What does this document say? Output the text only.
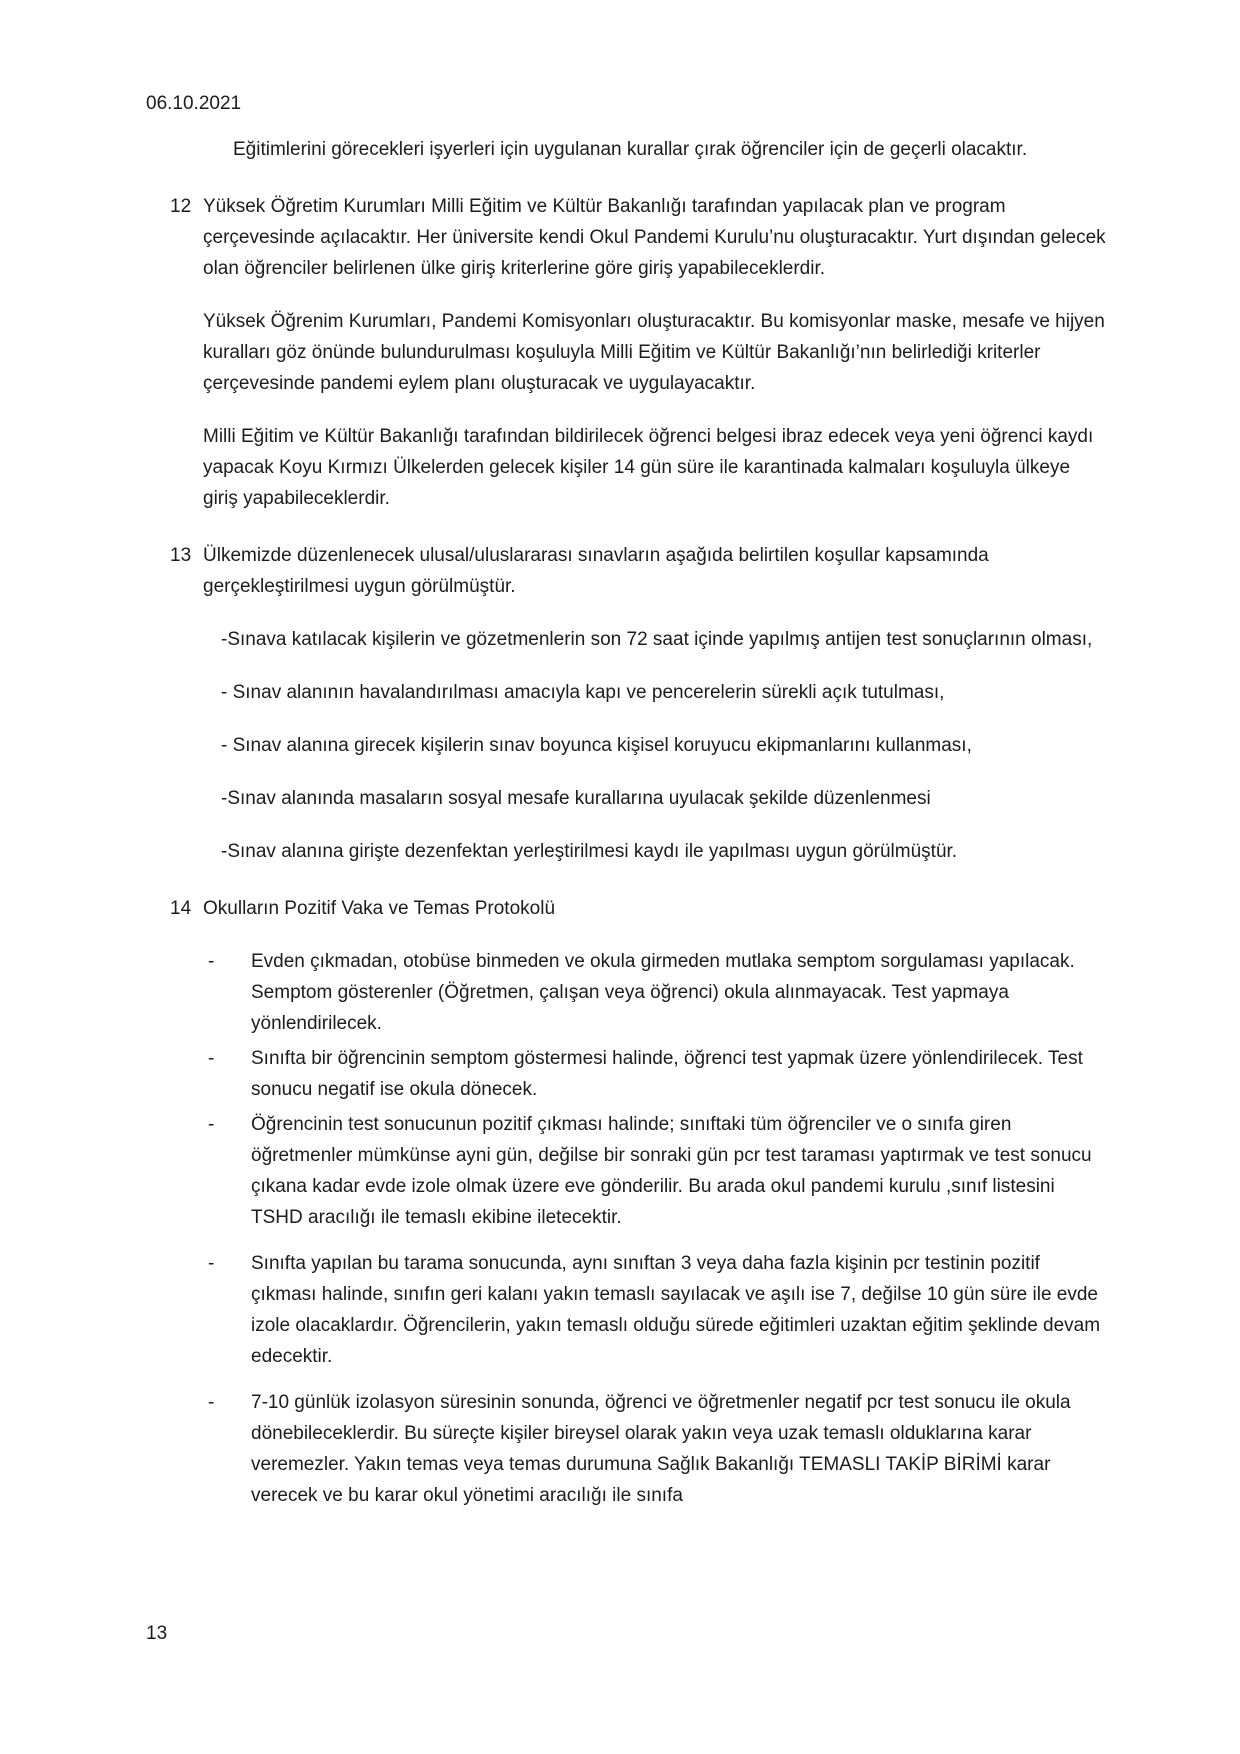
06.10.2021

Eğitimlerini görecekleri işyerleri için uygulanan kurallar çırak öğrenciler için de geçerli olacaktır.

12 Yüksek Öğretim Kurumları Milli Eğitim ve Kültür Bakanlığı tarafından yapılacak plan ve program çerçevesinde açılacaktır. Her üniversite kendi Okul Pandemi Kurulu’nu oluşturacaktır. Yurt dışından gelecek olan öğrenciler belirlenen ülke giriş kriterlerine göre giriş yapabileceklerdir.

Yüksek Öğrenim Kurumları, Pandemi Komisyonları oluşturacaktır. Bu komisyonlar maske, mesafe ve hijyen kuralları göz önünde bulundurulması koşuluyla Milli Eğitim ve Kültür Bakanlığı’nın belirlediği kriterler çerçevesinde pandemi eylem planı oluşturacak ve uygulayacaktır.

Milli Eğitim ve Kültür Bakanlığı tarafından bildirilecek öğrenci belgesi ibraz edecek veya yeni öğrenci kaydı yapacak Koyu Kırmızı Ülkelerden gelecek kişiler 14 gün süre ile karantinada kalmaları koşuluyla ülkeye giriş yapabileceklerdir.

13 Ülkemizde düzenlenecek ulusal/uluslararası sınavların aşağıda belirtilen koşullar kapsamında gerçekleştirilmesi uygun görülmüştür.

-Sınava katılacak kişilerin ve gözetmenlerin son 72 saat içinde yapılmış antijen test sonuçlarının olması,

- Sınav alanının havalandırılması amacıyla kapı ve pencerelerin sürekli açık tutulması,

- Sınav alanına girecek kişilerin sınav boyunca kişisel koruyucu ekipmanlarını kullanması,

-Sınav alanında masaların sosyal mesafe kurallarına uyulacak şekilde düzenlenmesi

-Sınav alanına girişte dezenfektan yerleştirilmesi kaydı ile yapılması uygun görülmüştür.

14 Okulların Pozitif Vaka ve Temas Protokolü

-	Evden çıkmadan, otobüse binmeden ve okula girmeden mutlaka semptom sorgulaması yapılacak. Semptom gösterenler (Öğretmen, çalışan veya öğrenci) okula alınmayacak. Test yapmaya yönlendirilecek.
-	Sınıfta bir öğrencinin semptom göstermesi halinde, öğrenci test yapmak üzere yönlendirilecek. Test sonucu negatif ise okula dönecek.
-	Öğrencinin test sonucunun pozitif çıkması halinde; sınıftaki tüm öğrenciler ve o sınıfa giren öğretmenler mümkünse ayni gün, değilse bir sonraki gün pcr test taraması yaptırmak ve test sonucu çıkana kadar evde izole olmak üzere eve gönderilir. Bu arada okul pandemi kurulu ,sınıf listesini TSHD aracılığı ile temaslı ekibine iletecektir.
-	Sınıfta yapılan bu tarama sonucunda, aynı sınıftan 3 veya daha fazla kişinin pcr testinin pozitif çıkması halinde, sınıfın geri kalanı yakın temaslı sayılacak ve aşılı ise 7, değilse 10 gün süre ile evde izole olacaklardır. Öğrencilerin, yakın temaslı olduğu sürede eğitimleri uzaktan eğitim şeklinde devam edecektir.
-	7-10 günlük izolasyon süresinin sonunda, öğrenci ve öğretmenler negatif pcr test sonucu ile okula dönebileceklerdir. Bu süreçte kişiler bireysel olarak yakın veya uzak temaslı olduklarına karar veremezler. Yakın temas veya temas durumuna Sağlık Bakanlığı TEMASLI TAKİP BİRİMİ karar verecek ve bu karar okul yönetimi aracılığı ile sınıfa
13
